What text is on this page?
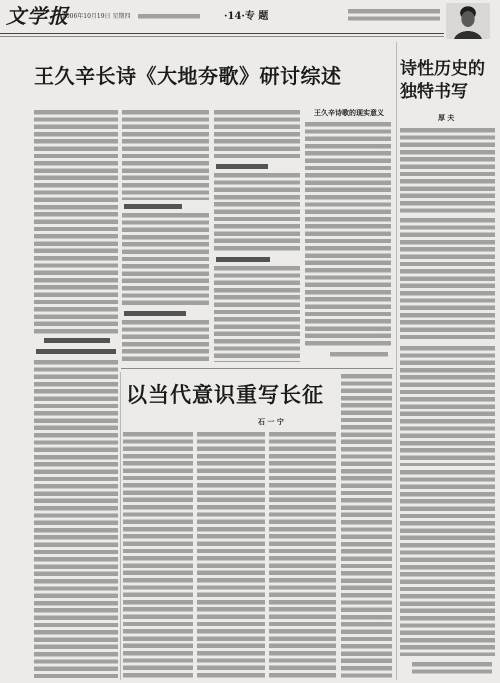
文学报
2006年10月19日 星期四	·14·专 题
王久辛长诗《大地夯歌》研讨综述
王久辛诗歌的现实意义
以当代意识重写长征
石 一 宁
诗性历史的
独特书写
厚 夫
